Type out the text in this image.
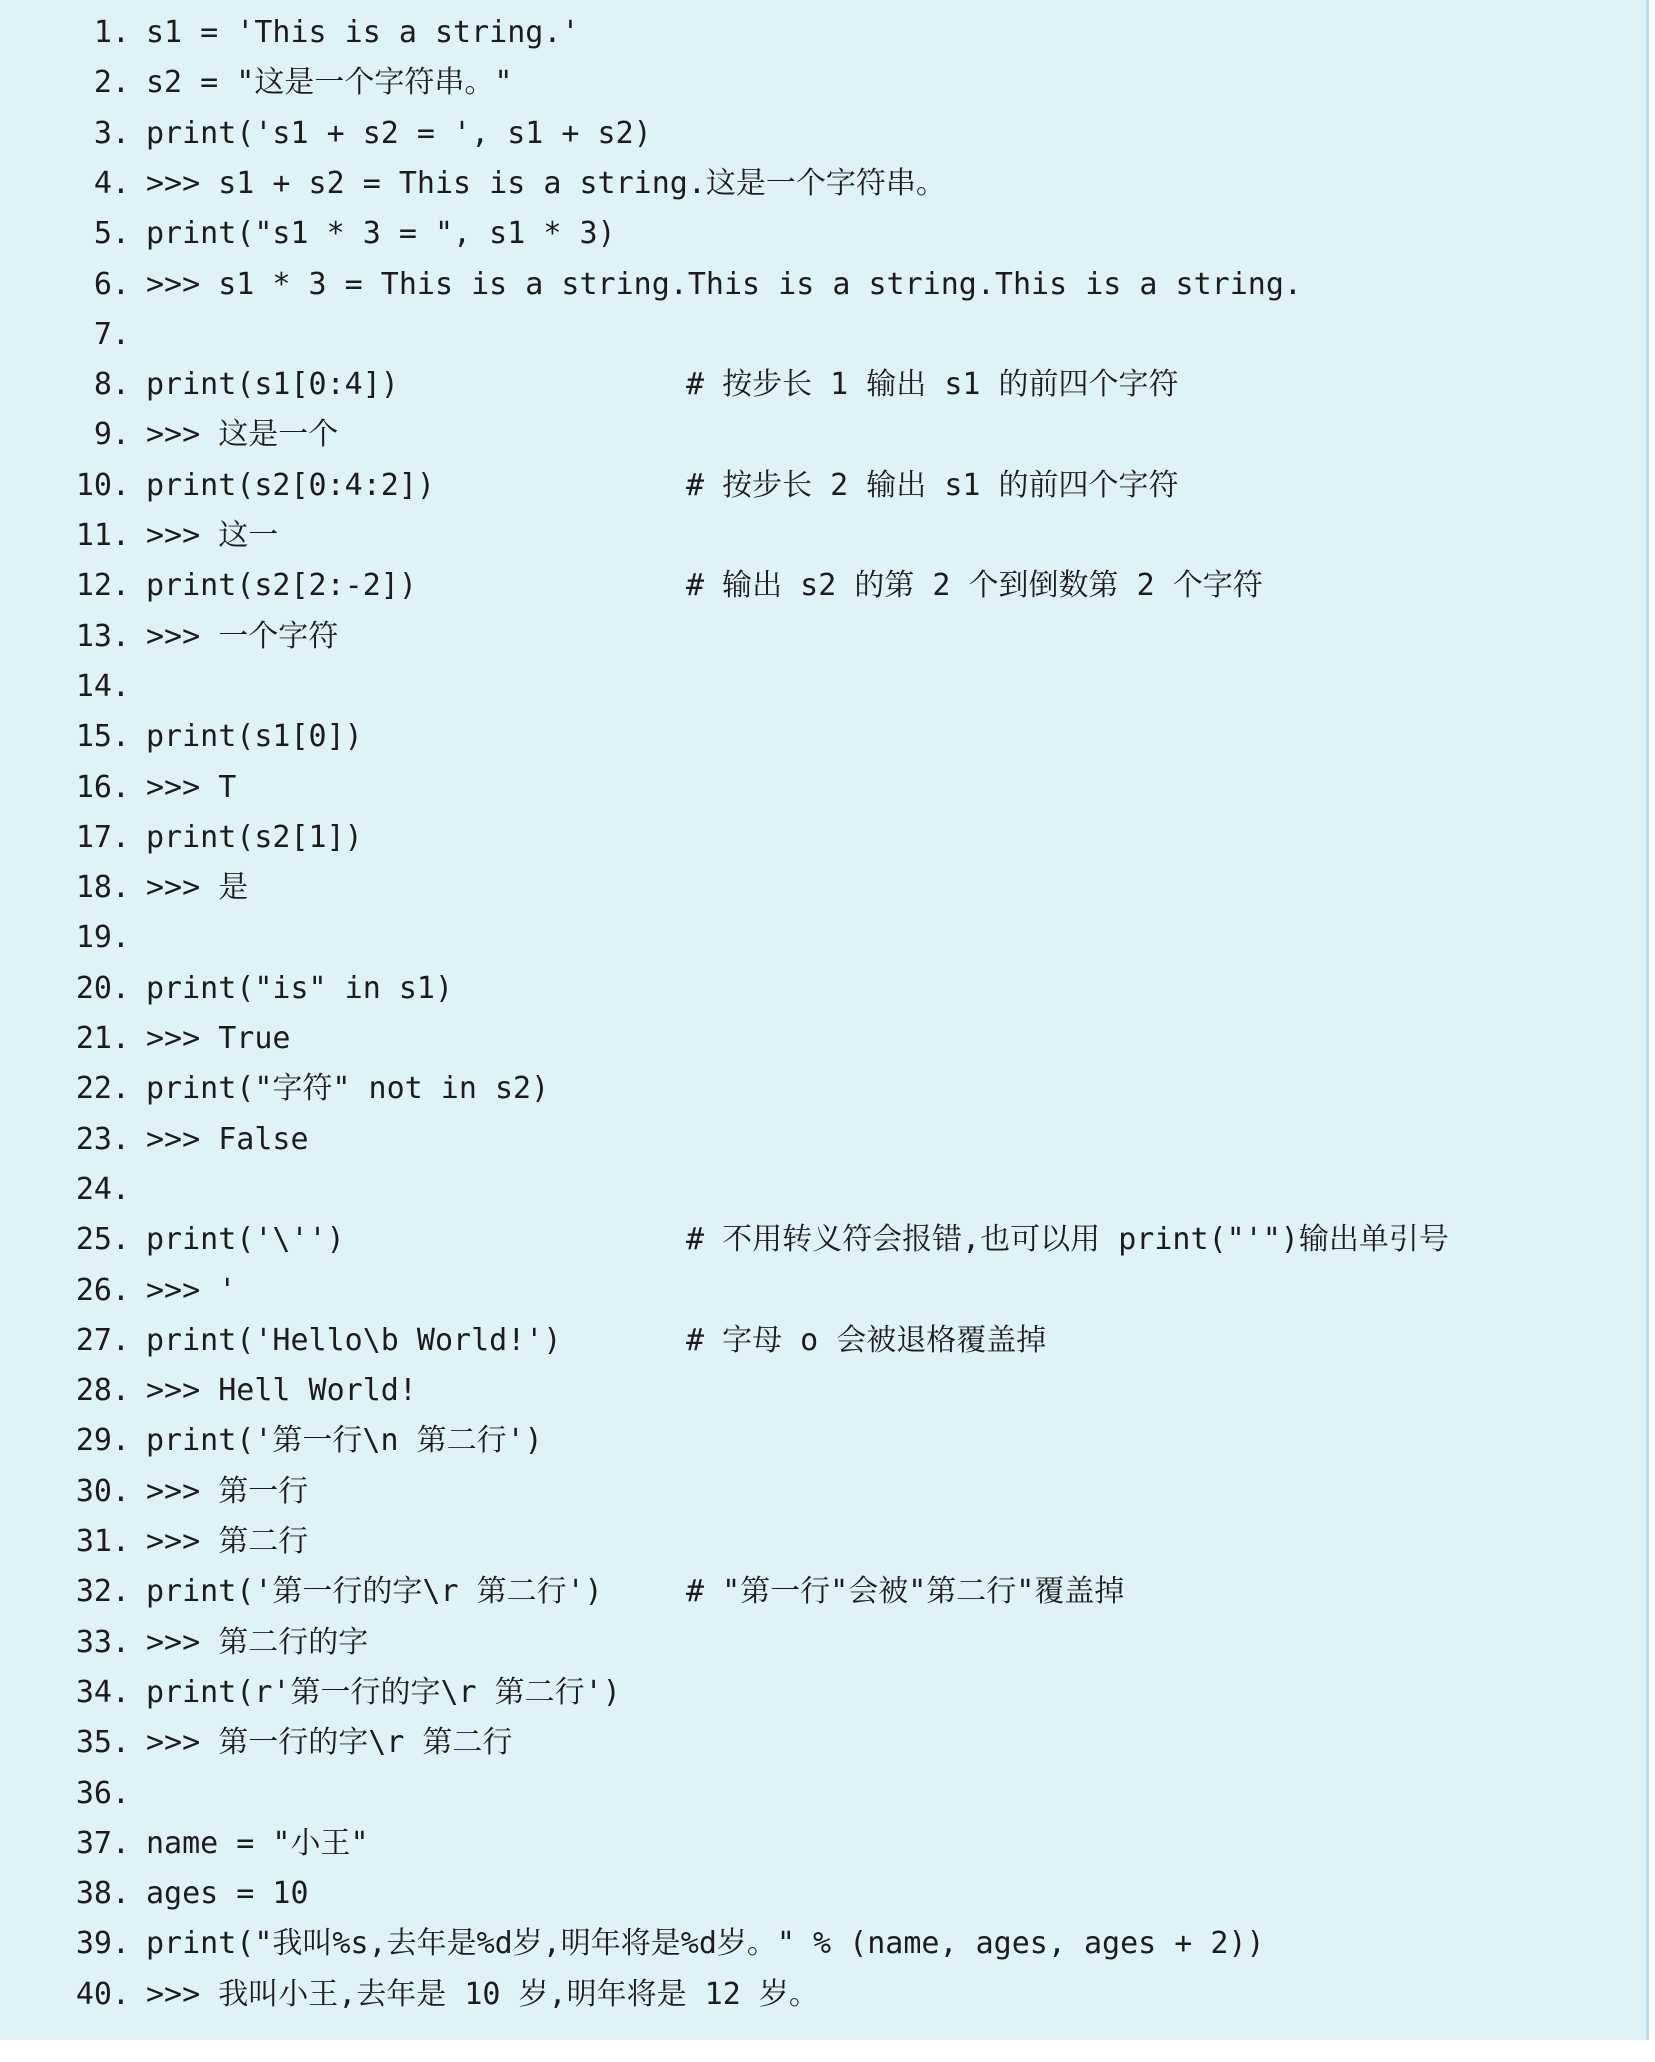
1. s1 = 'This is a string.'
2. s2 = "这是一个字符串。"
3. print('s1 + s2 = ', s1 + s2)
4. >>> s1 + s2 = This is a string.这是一个字符串。
5. print("s1 * 3 = ", s1 * 3)
6. >>> s1 * 3 = This is a string.This is a string.This is a string.
7.
8. print(s1[0:4])	# 按步长 1 输出 s1 的前四个字符
9. >>> 这是一个
10. print(s2[0:4:2])	# 按步长 2 输出 s1 的前四个字符
11. >>> 这一
12. print(s2[2:-2])	# 输出 s2 的第 2 个到倒数第 2 个字符
13. >>> 一个字符
14.
15. print(s1[0])
16. >>> T
17. print(s2[1])
18. >>> 是
19.
20. print("is" in s1)
21. >>> True
22. print("字符" not in s2)
23. >>> False
24.
25. print('\'')	# 不用转义符会报错,也可以用 print("'")输出单引号
26. >>> '
27. print('Hello\b World!')	# 字母 o 会被退格覆盖掉
28. >>> Hell World!
29. print('第一行\n 第二行')
30. >>> 第一行
31. >>> 第二行
32. print('第一行的字\r 第二行')	# "第一行"会被"第二行"覆盖掉
33. >>> 第二行的字
34. print(r'第一行的字\r 第二行')
35. >>> 第一行的字\r 第二行
36.
37. name = "小王"
38. ages = 10
39. print("我叫%s,去年是%d岁,明年将是%d岁。" % (name, ages, ages + 2))
40. >>> 我叫小王,去年是 10 岁,明年将是 12 岁。
